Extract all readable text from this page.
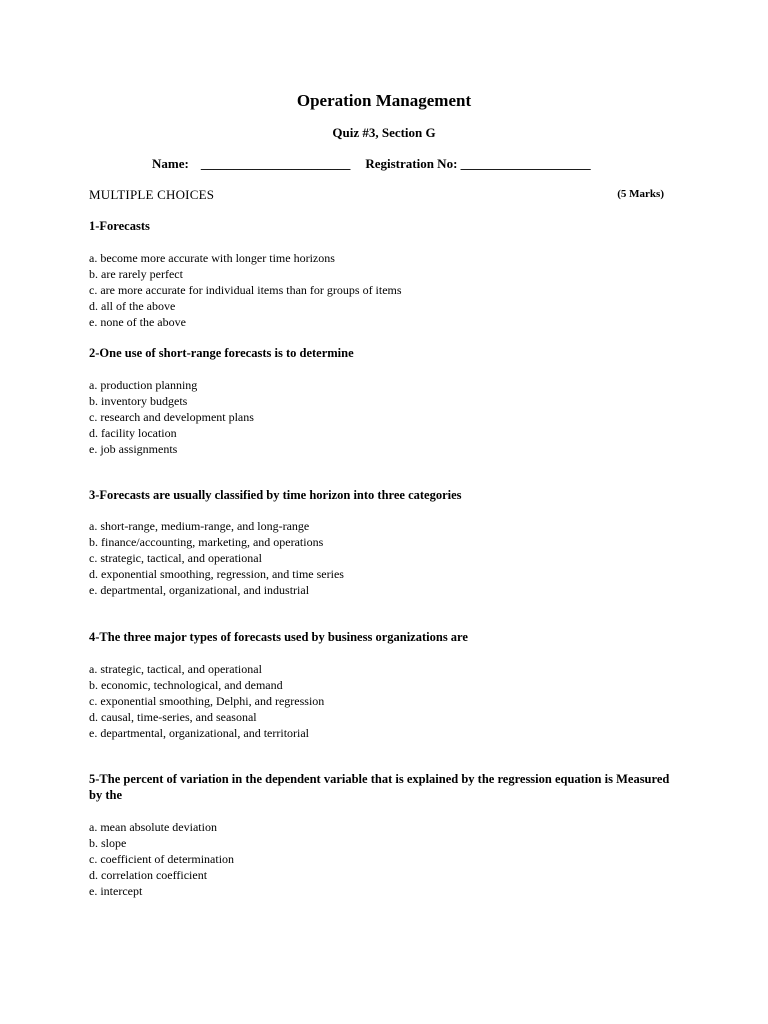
Operation Management
Quiz #3, Section G
Name: _______________________ Registration No: ____________________
MULTIPLE CHOICES	(5 Marks)
1-Forecasts
a. become more accurate with longer time horizons
b. are rarely perfect
c. are more accurate for individual items than for groups of items
d. all of the above
e. none of the above
2-One use of short-range forecasts is to determine
a. production planning
b. inventory budgets
c. research and development plans
d. facility location
e. job assignments
3-Forecasts are usually classified by time horizon into three categories
a. short-range, medium-range, and long-range
b. finance/accounting, marketing, and operations
c. strategic, tactical, and operational
d. exponential smoothing, regression, and time series
e. departmental, organizational, and industrial
4-The three major types of forecasts used by business organizations are
a. strategic, tactical, and operational
b. economic, technological, and demand
c. exponential smoothing, Delphi, and regression
d. causal, time-series, and seasonal
e. departmental, organizational, and territorial
5-The percent of variation in the dependent variable that is explained by the regression equation is Measured by the
a. mean absolute deviation
b. slope
c. coefficient of determination
d. correlation coefficient
e. intercept
